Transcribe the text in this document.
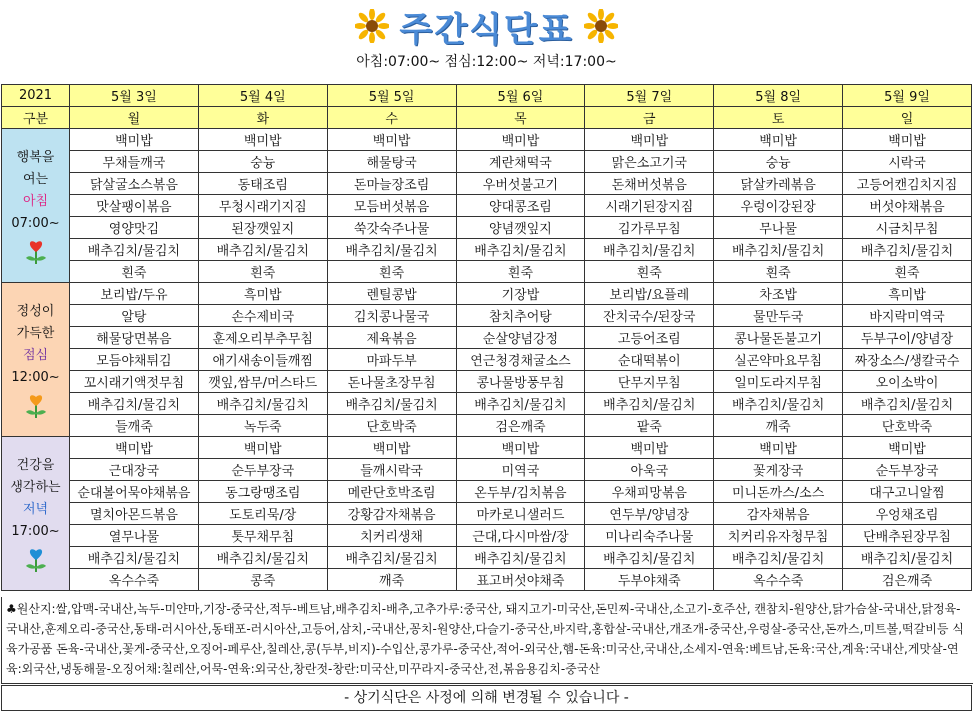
주간식단표
아침:07:00~ 점심:12:00~ 저녁:17:00~
2021	5월 3일	5월 4일	5월 5일	5월 6일	5월 7일	5월 8일	5월 9일
구분	월	화	수	목	금	토	일

행복을
여는
아침
07:00~	백미밥	백미밥	백미밥	백미밥	백미밥	백미밥	백미밥
	무채들깨국	숭늉	해물탕국	계란채떡국	맑은소고기국	숭늉	시락국
	닭살굴소스볶음	동태조림	돈마늘장조림	우버섯불고기	돈채버섯볶음	닭살카레볶음	고등어캔김치지짐
	맛살팽이볶음	무청시래기지짐	모듬버섯볶음	양대콩조림	시래기된장지짐	우렁이강된장	버섯야채볶음
	영양맛김	된장깻잎지	쑥갓숙주나물	양념깻잎지	김가루무침	무나물	시금치무침
	배추김치/물김치	배추김치/물김치	배추김치/물김치	배추김치/물김치	배추김치/물김치	배추김치/물김치	배추김치/물김치
	흰죽	흰죽	흰죽	흰죽	흰죽	흰죽	흰죽

정성이
가득한
점심
12:00~	보리밥/두유	흑미밥	렌틸콩밥	기장밥	보리밥/요플레	차조밥	흑미밥
	알탕	손수제비국	김치콩나물국	참치추어탕	잔치국수/된장국	물만두국	바지락미역국
	해물당면볶음	훈제오리부추무침	제육볶음	순살양념강정	고등어조림	콩나물돈불고기	두부구이/양념장
	모듬야채튀김	애기새송이들깨찜	마파두부	연근청경채굴소스	순대떡볶이	실곤약마요무침	짜장소스/생칼국수
	꼬시래기액젓무침	깻잎,쌈무/머스타드	돈나물초장무침	콩나물방풍무침	단무지무침	일미도라지무침	오이소박이
	배추김치/물김치	배추김치/물김치	배추김치/물김치	배추김치/물김치	배추김치/물김치	배추김치/물김치	배추김치/물김치
	들깨죽	녹두죽	단호박죽	검은깨죽	팥죽	깨죽	단호박죽

건강을
생각하는
저녁
17:00~	백미밥	백미밥	백미밥	백미밥	백미밥	백미밥	백미밥
	근대장국	순두부장국	들깨시락국	미역국	아욱국	꽃게장국	순두부장국
	순대볼어묵야채볶음	동그랑땡조림	메란단호박조림	온두부/김치볶음	우채피망볶음	미니돈까스/소스	대구고니알찜
	멸치아몬드볶음	도토리묵/장	강황감자채볶음	마카로니샐러드	연두부/양념장	감자채볶음	우엉채조림
	열무나물	톳무채무침	치커리생채	근대,다시마쌈/장	미나리숙주나물	치커리유자청무침	단배추된장무침
	배추김치/물김치	배추김치/물김치	배추김치/물김치	배추김치/물김치	배추김치/물김치	배추김치/물김치	배추김치/물김치
	옥수수죽	콩죽	깨죽	표고버섯야채죽	두부야채죽	옥수수죽	검은깨죽
♣원산지:쌀,압맥-국내산,녹두-미얀마,기장-중국산,적두-베트남,배추김치-배추,고추가루:중국산, 돼지고기-미국산,돈민찌-국내산,소고기-호주산, 캔참치-원양산,닭가슴살-국내산,닭정육-국내산,훈제오리-중국산,동태-러시아산,동태포-러시아산,고등어,삼치,-국내산,꽁치-원양산,다슬기-중국산,바지락,홍합살-국내산,개조개-중국산,우렁살-중국산,돈까스,미트볼,떡갈비등 식육가공품 돈육-국내산,꽃게-중국산,오징어-페루산,칠레산,콩(두부,비지)-수입산,콩가루-중국산,적어-외국산,햄-돈육:미국산,국내산,소세지-연육:베트남,돈육:국산,계육:국내산,게맛살-연육:외국산,냉동해물-오징어채:칠레산,어묵-연육:외국산,창란젓-창란:미국산,미꾸라지-중국산,전,볶음용김치-중국산
- 상기식단은 사정에 의해 변경될 수 있습니다 -
